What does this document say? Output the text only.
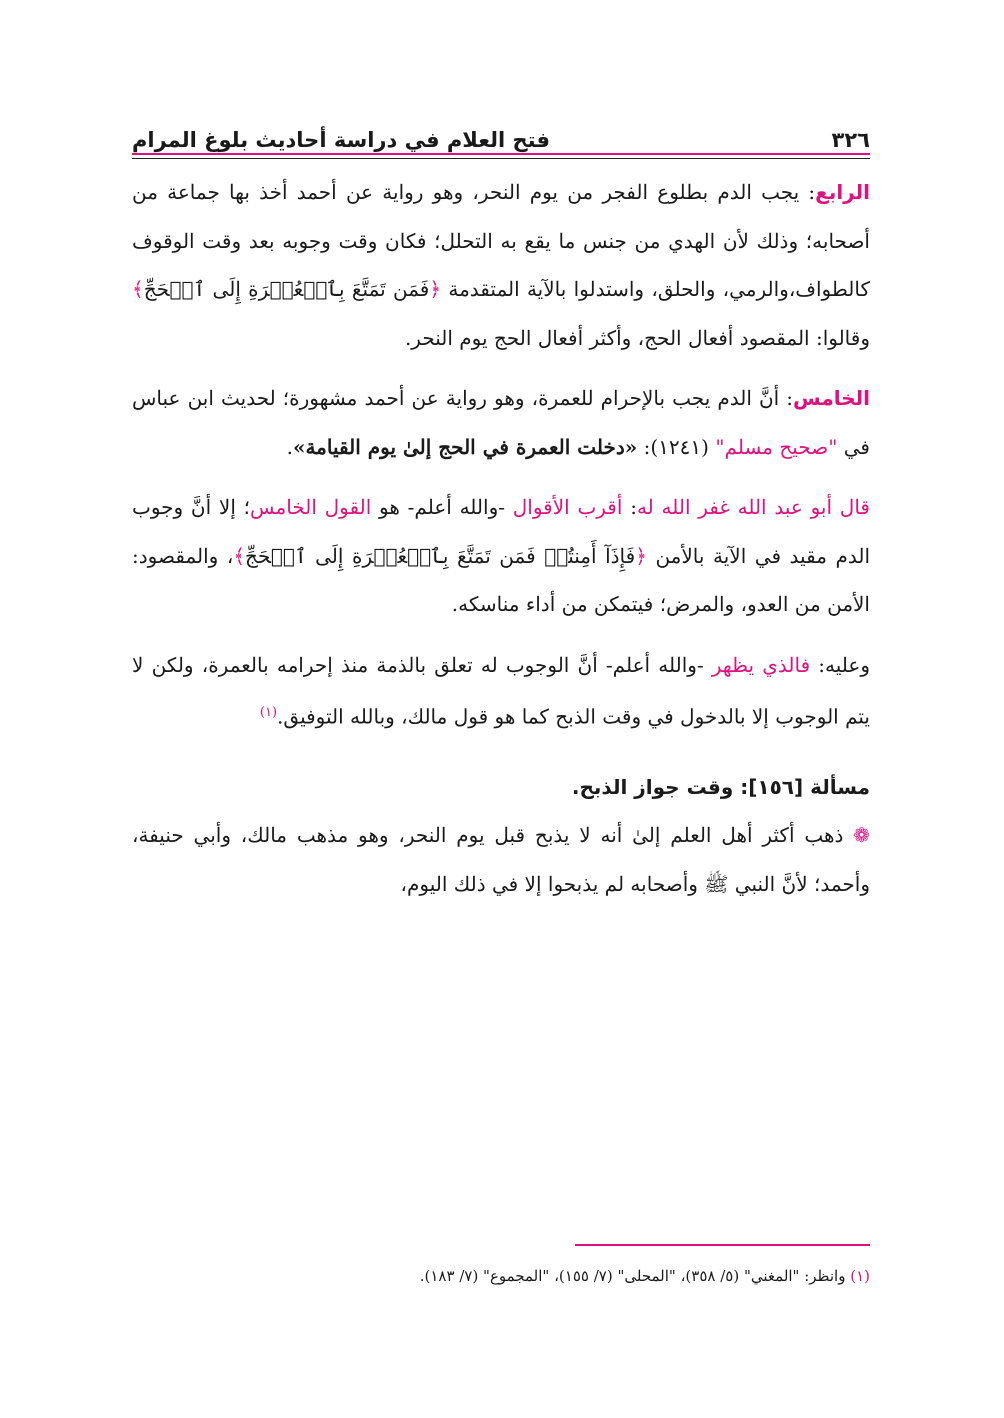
٣٢٦
فتح العلام في دراسة أحاديث بلوغ المرام

الرابع: يجب الدم بطلوع الفجر من يوم النحر، وهو رواية عن أحمد أخذ بها جماعة من أصحابه؛ وذلك لأن الهدي من جنس ما يقع به التحلل؛ فكان وقت وجوبه بعد وقت الوقوف كالطواف،والرمي، والحلق، واستدلوا بالآية المتقدمة ﴿فَمَن تَمَتَّعَ بِٱلۡعُمۡرَةِ إِلَى ٱلۡحَجِّ﴾ وقالوا: المقصود أفعال الحج، وأكثر أفعال الحج يوم النحر.

الخامس: أنَّ الدم يجب بالإحرام للعمرة، وهو رواية عن أحمد مشهورة؛ لحديث ابن عباس في "صحيح مسلم" (١٢٤١): «دخلت العمرة في الحج إلىٰ يوم القيامة».

قال أبو عبد الله غفر الله له: أقرب الأقوال -والله أعلم- هو القول الخامس؛ إلا أنَّ وجوب الدم مقيد في الآية بالأمن ﴿فَإِذَآ أَمِنتُمۡ فَمَن تَمَتَّعَ بِٱلۡعُمۡرَةِ إِلَى ٱلۡحَجِّ﴾، والمقصود: الأمن من العدو، والمرض؛ فيتمكن من أداء مناسكه.

وعليه: فالذي يظهر -والله أعلم- أنَّ الوجوب له تعلق بالذمة منذ إحرامه بالعمرة، ولكن لا يتم الوجوب إلا بالدخول في وقت الذبح كما هو قول مالك، وبالله التوفيق.$^{(١)}$

مسألة [١٥٦]: وقت جواز الذبح.

❁ ذهب أكثر أهل العلم إلىٰ أنه لا يذبح قبل يوم النحر، وهو مذهب مالك، وأبي حنيفة، وأحمد؛ لأنَّ النبي ﷺ وأصحابه لم يذبحوا إلا في ذلك اليوم،

(١) وانظر: "المغني" (٥/ ٣٥٨)، "المحلى" (٧/ ١٥٥)، "المجموع" (٧/ ١٨٣).
